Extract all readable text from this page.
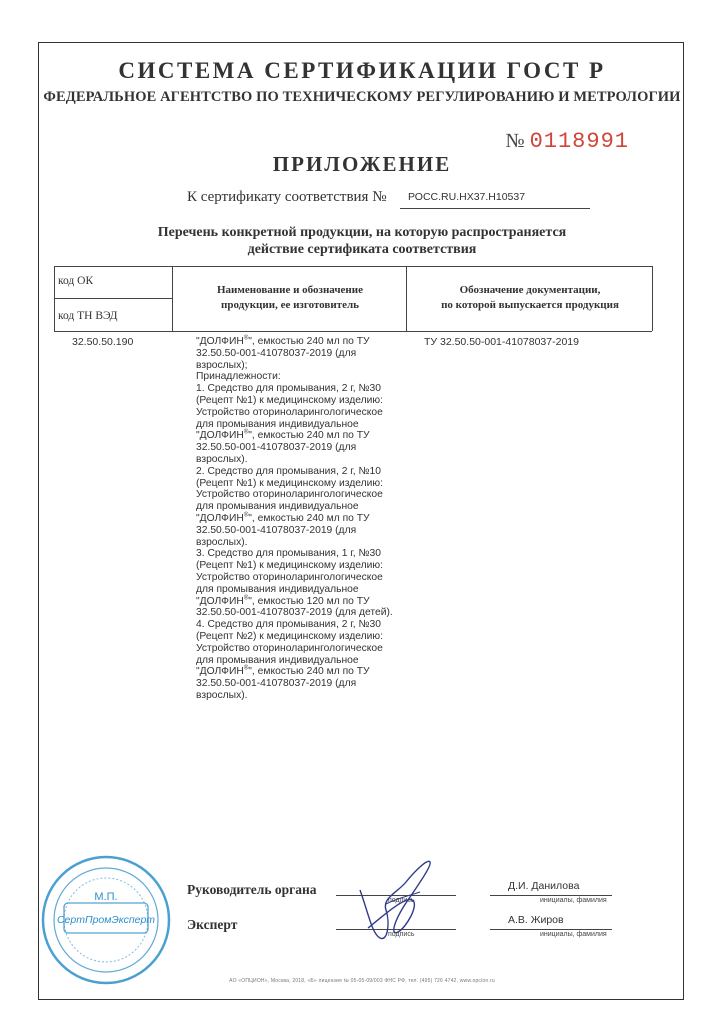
СИСТЕМА СЕРТИФИКАЦИИ ГОСТ Р
ФЕДЕРАЛЬНОЕ АГЕНТСТВО ПО ТЕХНИЧЕСКОМУ РЕГУЛИРОВАНИЮ И МЕТРОЛОГИИ
№ 0118991
ПРИЛОЖЕНИЕ
К сертификату соответствия № РОСС.RU.НХ37.Н10537
Перечень конкретной продукции, на которую распространяется
действие сертификата соответствия
код ОК
код ТН ВЭД
Наименование и обозначение
продукции, ее изготовитель
Обозначение документации,
по которой выпускается продукция
32.50.50.190	ТУ 32.50.50-001-41078037-2019

"ДОЛФИН®", емкостью 240 мл по ТУ

32.50.50-001-41078037-2019 (для

взрослых);

Принадлежности:

1. Средство для промывания, 2 г, №30

(Рецепт №1) к медицинскому изделию:

Устройство оториноларингологическое

для промывания индивидуальное

"ДОЛФИН®", емкостью 240 мл по ТУ

32.50.50-001-41078037-2019 (для

взрослых).

2. Средство для промывания, 2 г, №10

(Рецепт №1) к медицинскому изделию:

Устройство оториноларингологическое

для промывания индивидуальное

"ДОЛФИН®", емкостью 240 мл по ТУ

32.50.50-001-41078037-2019 (для

взрослых).

3. Средство для промывания, 1 г, №30

(Рецепт №1) к медицинскому изделию:

Устройство оториноларингологическое

для промывания индивидуальное

"ДОЛФИН®", емкостью 120 мл по ТУ

32.50.50-001-41078037-2019 (для детей).

4. Средство для промывания, 2 г, №30

(Рецепт №2) к медицинскому изделию:

Устройство оториноларингологическое

для промывания индивидуальное

"ДОЛФИН®", емкостью 240 мл по ТУ

32.50.50-001-41078037-2019 (для

взрослых).

Руководитель органа
Эксперт
подпись
подпись
инициалы, фамилия
инициалы, фамилия
Д.И. Данилова
А.В. Жиров
М.П.
СертПромЭксперт
АО «ОПЦИОН», Москва, 2018, «Б» лицензия № 05-05-09/003 ФНС РФ, тел. (495) 726 4742, www.opcion.ru
